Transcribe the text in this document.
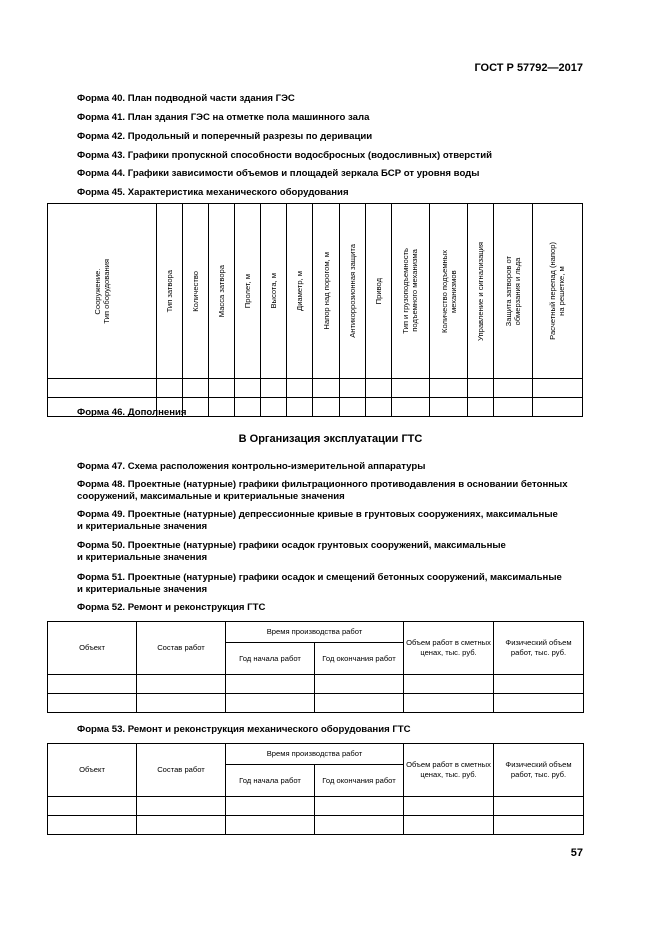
ГОСТ Р 57792—2017
Форма 40. План подводной части здания ГЭС
Форма 41. План здания ГЭС на отметке пола машинного зала
Форма 42. Продольный и поперечный разрезы по деривации
Форма 43. Графики пропускной способности водосбросных (водосливных) отверстий
Форма 44. Графики зависимости объемов и площадей зеркала БСР от уровня воды
Форма 45. Характеристика механического оборудования
Сооружение.
Тип оборудования	Тип затвора	Количество	Масса затвора	Пролет, м	Высота, м	Диаметр, м	Напор над порогом, м	Антикоррозионная защита	Привод	Тип и грузоподъемность
подъемного механизма	Количество подъемных
механизмов	Управление и сигнализация	Защита затворов от
обмерзания и льда	Расчетный перепад (напор)
на решетке, м

Форма 46. Дополнения
В Организация эксплуатации ГТС
Форма 47. Схема расположения контрольно-измерительной аппаратуры
Форма 48. Проектные (натурные) графики фильтрационного противодавления в основании бетонных
сооружений, максимальные и критериальные значения
Форма 49. Проектные (натурные) депрессионные кривые в грунтовых сооружениях, максимальные
и критериальные значения
Форма 50. Проектные (натурные) графики осадок грунтовых сооружений, максимальные
и критериальные значения
Форма 51. Проектные (натурные) графики осадок и смещений бетонных сооружений, максимальные
и критериальные значения
Форма 52. Ремонт и реконструкция ГТС
Объект	Состав работ	Время производства работ		Объем работ в сметных ценах, тыс. руб.	Физический объем работ, тыс. руб.
		Год начала работ	Год окончания работ		

Форма 53. Ремонт и реконструкция механического оборудования ГТС
Объект	Состав работ	Время производства работ		Объем работ в сметных ценах, тыс. руб.	Физический объем работ, тыс. руб.
		Год начала работ	Год окончания работ		

57
